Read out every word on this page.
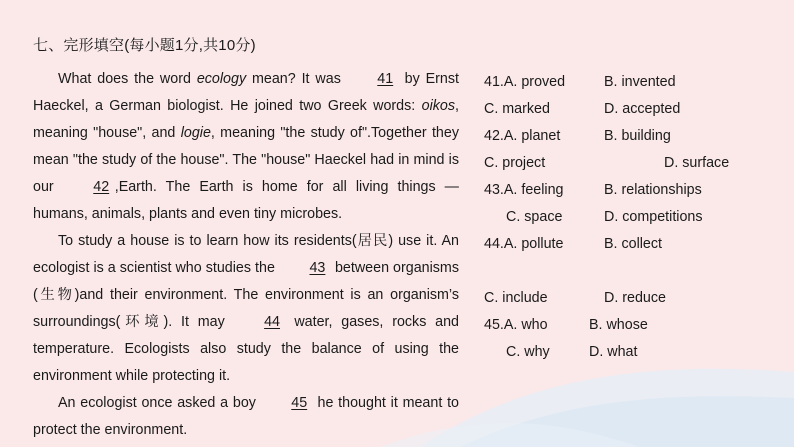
七、完形填空(每小题1分,共10分)

What does the word ecology mean? It was 41 by Ernst Haeckel, a German biologist. He joined two Greek words: oikos, meaning "house", and logie, meaning "the study of".Together they mean "the study of the house". The "house" Haeckel had in mind is our 42 ,Earth. The Earth is home for all living things — humans, animals, plants and even tiny microbes.

To study a house is to learn how its residents(居民) use it. An ecologist is a scientist who studies the 43 between organisms (生物)and their environment. The environment is an organism’s surroundings(环境). It may 44 water, gases, rocks and temperature. Ecologists also study the balance of using the environment while protecting it.

An ecologist once asked a boy 45 he thought it meant to protect the environment.

41.A. proved	B. invented
C. marked	D. accepted
42.A. planet	B. building
C. project	D. surface
43.A. feeling	B. relationships
C. space	D. competitions
44.A. pollute	B. collect
C. include	D. reduce
45.A. who	B. whose
C. why	D. what
